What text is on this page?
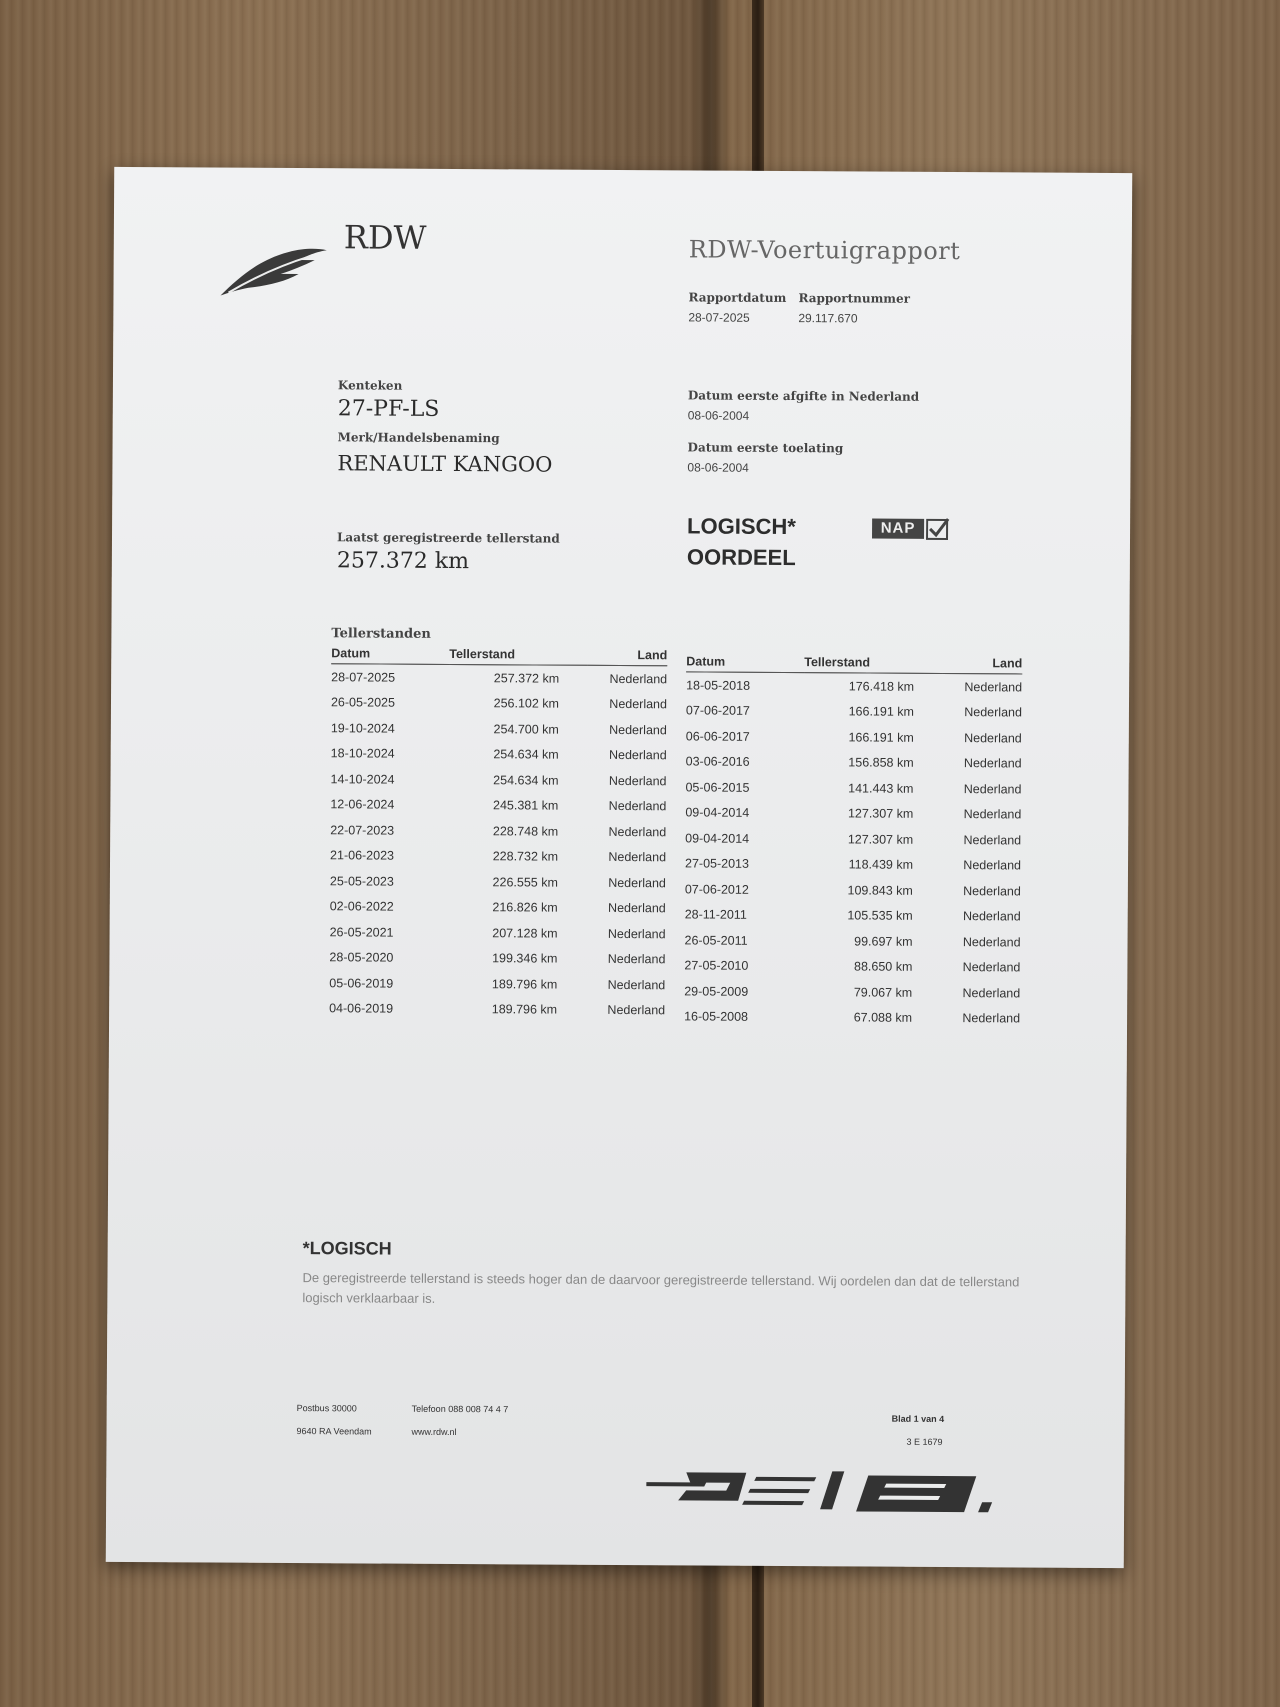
RDW	RDW-Voertuigrapport
Rapportdatum
28-07-2025
Rapportnummer
29.117.670
Kenteken
27-PF-LS
Merk/Handelsbenaming
RENAULT KANGOO
Datum eerste afgifte in Nederland
08-06-2004
Datum eerste toelating
08-06-2004
Laatst geregistreerde tellerstand
257.372 km
LOGISCH*
OORDEEL
NAP
Tellerstanden
Datum	Tellerstand	Land
28-07-2025	257.372 km	Nederland
26-05-2025	256.102 km	Nederland
19-10-2024	254.700 km	Nederland
18-10-2024	254.634 km	Nederland
14-10-2024	254.634 km	Nederland
12-06-2024	245.381 km	Nederland
22-07-2023	228.748 km	Nederland
21-06-2023	228.732 km	Nederland
25-05-2023	226.555 km	Nederland
02-06-2022	216.826 km	Nederland
26-05-2021	207.128 km	Nederland
28-05-2020	199.346 km	Nederland
05-06-2019	189.796 km	Nederland
04-06-2019	189.796 km	Nederland
Datum	Tellerstand	Land
18-05-2018	176.418 km	Nederland
07-06-2017	166.191 km	Nederland
06-06-2017	166.191 km	Nederland
03-06-2016	156.858 km	Nederland
05-06-2015	141.443 km	Nederland
09-04-2014	127.307 km	Nederland
09-04-2014	127.307 km	Nederland
27-05-2013	118.439 km	Nederland
07-06-2012	109.843 km	Nederland
28-11-2011	105.535 km	Nederland
26-05-2011	99.697 km	Nederland
27-05-2010	88.650 km	Nederland
29-05-2009	79.067 km	Nederland
16-05-2008	67.088 km	Nederland
*LOGISCH
De geregistreerde tellerstand is steeds hoger dan de daarvoor geregistreerde tellerstand. Wij oordelen dan dat de tellerstand logisch verklaarbaar is.
Postbus 30000
9640 RA Veendam
Telefoon 088 008 74 4 7
www.rdw.nl
Blad 1 van 4
3 E 1679
